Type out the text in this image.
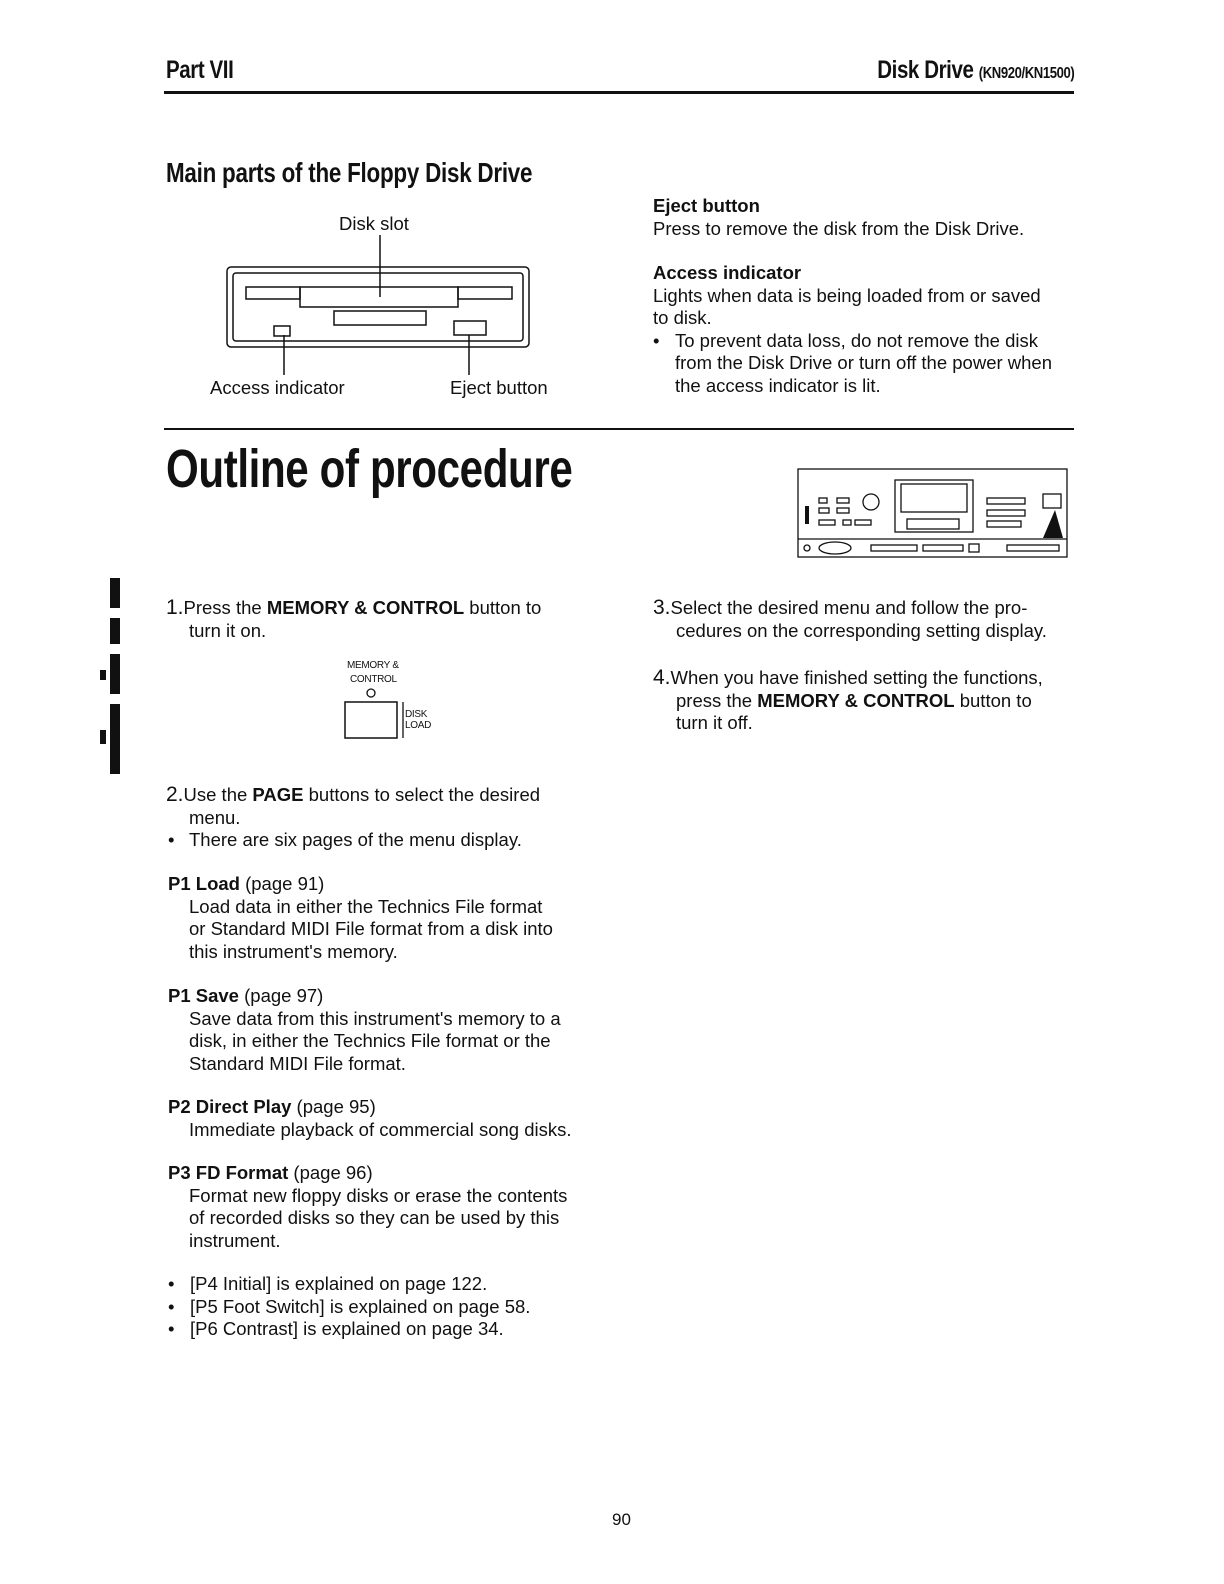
Part VII	Disk Drive (KN920/KN1500)
Main parts of the Floppy Disk Drive
Disk slot
Access indicator	Eject button
Eject button
Press to remove the disk from the Disk Drive.
Access indicator
Lights when data is being loaded from or saved
to disk.
• To prevent data loss, do not remove the disk
from the Disk Drive or turn off the power when
the access indicator is lit.
Outline of procedure
1.Press the MEMORY & CONTROL button to
turn it on.
MEMORY &
CONTROL
DISK
LOAD
2.Use the PAGE buttons to select the desired
menu.
• There are six pages of the menu display.
P1 Load (page 91)
Load data in either the Technics File format
or Standard MIDI File format from a disk into
this instrument's memory.
P1 Save (page 97)
Save data from this instrument's memory to a
disk, in either the Technics File format or the
Standard MIDI File format.
P2 Direct Play (page 95)
Immediate playback of commercial song disks.
P3 FD Format (page 96)
Format new floppy disks or erase the contents
of recorded disks so they can be used by this
instrument.
• [P4 Initial] is explained on page 122.
• [P5 Foot Switch] is explained on page 58.
• [P6 Contrast] is explained on page 34.
3.Select the desired menu and follow the pro-
cedures on the corresponding setting display.
4.When you have finished setting the functions,
press the MEMORY & CONTROL button to
turn it off.
90
